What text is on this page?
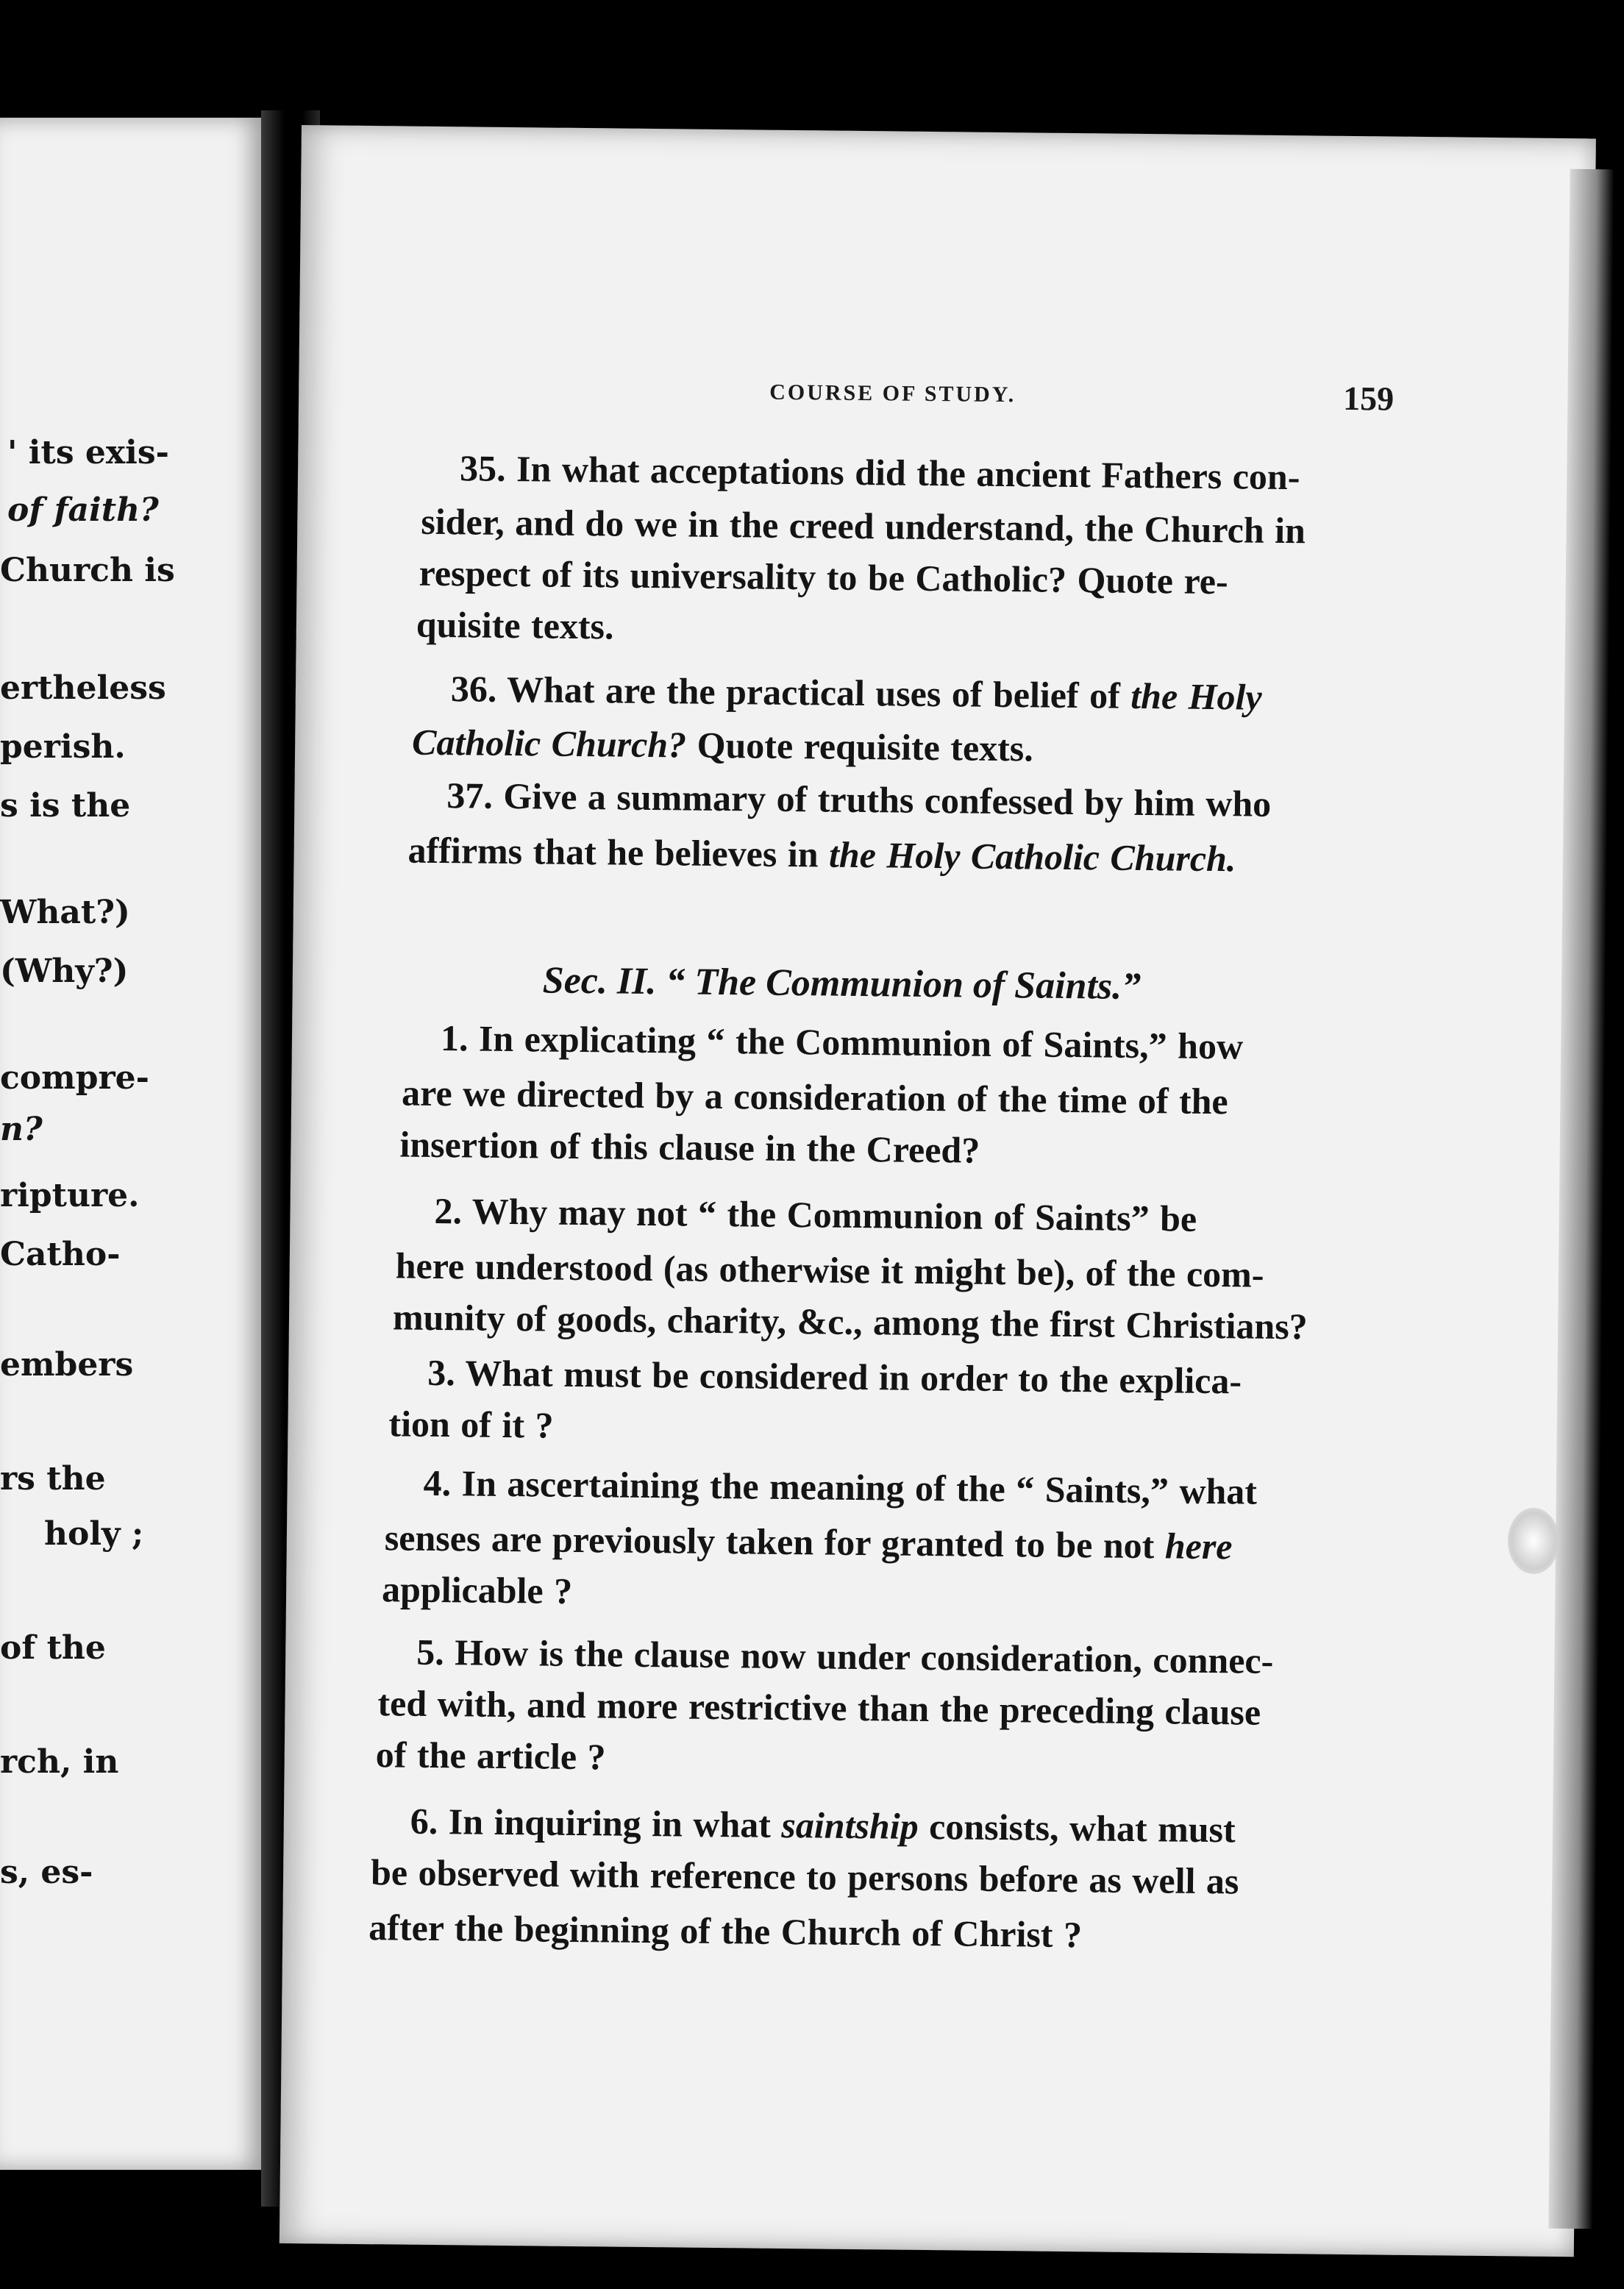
' its exis-
of faith?
Church is
ertheless
perish.
s is the
What?)
(Why?)
compre-
n?
ripture.
Catho-
embers
rs the
holy ;
of the
rch, in
s, es-
COURSE OF STUDY.	159
Sec. II. “ The Communion of Saints.”
35. In what acceptations did the ancient Fathers con-
sider, and do we in the creed understand, the Church in
respect of its universality to be Catholic? Quote re-
quisite texts.
36. What are the practical uses of belief of the Holy
Catholic Church? Quote requisite texts.
37. Give a summary of truths confessed by him who
affirms that he believes in the Holy Catholic Church.
1. In explicating “ the Communion of Saints,” how
are we directed by a consideration of the time of the
insertion of this clause in the Creed?
2. Why may not “ the Communion of Saints” be
here understood (as otherwise it might be), of the com-
munity of goods, charity, &c., among the first Christians?
3. What must be considered in order to the explica-
tion of it ?
4. In ascertaining the meaning of the “ Saints,” what
senses are previously taken for granted to be not here
applicable ?
5. How is the clause now under consideration, connec-
ted with, and more restrictive than the preceding clause
of the article ?
6. In inquiring in what saintship consists, what must
be observed with reference to persons before as well as
after the beginning of the Church of Christ ?
